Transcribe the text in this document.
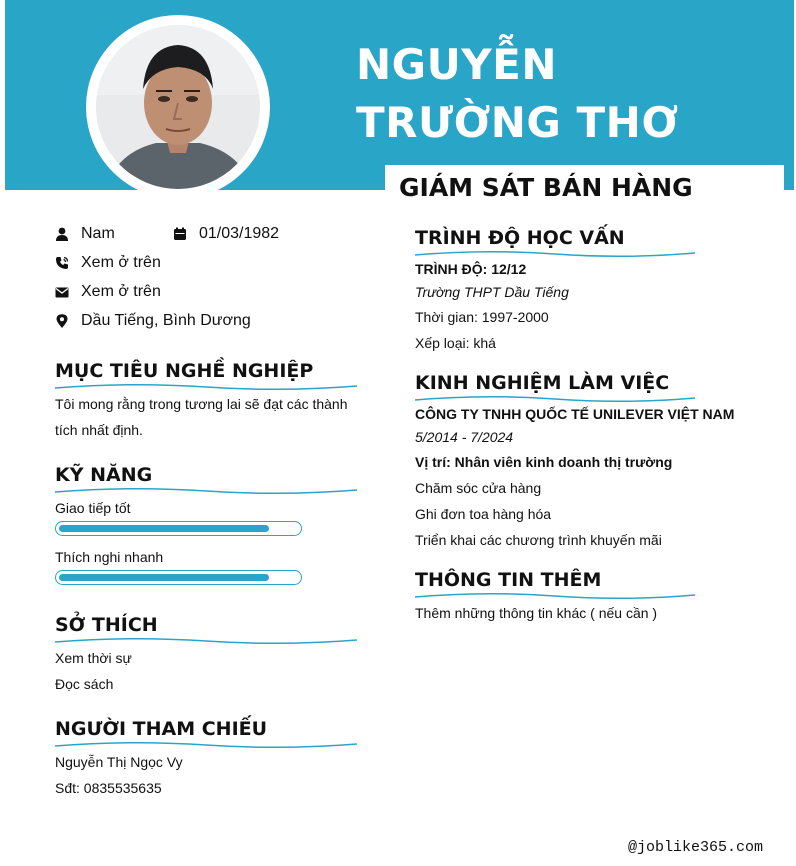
NGUYỄN TRƯỜNG THƠ
GIÁM SÁT BÁN HÀNG
Nam	01/03/1982
Xem ở trên
Xem ở trên
Dầu Tiếng, Bình Dương
MỤC TIÊU NGHỀ NGHIỆP
Tôi mong rằng trong tương lai sẽ đạt các thành
tích nhất định.
KỸ NĂNG
Giao tiếp tốt
Thích nghi nhanh
SỞ THÍCH
Xem thời sự
Đọc sách
NGƯỜI THAM CHIẾU
Nguyễn Thị Ngọc Vy
Sđt: 0835535635
TRÌNH ĐỘ HỌC VẤN
TRÌNH ĐỘ: 12/12
Trường THPT Dầu Tiếng
Thời gian: 1997-2000
Xếp loại: khá
KINH NGHIỆM LÀM VIỆC
CÔNG TY TNHH QUỐC TẾ UNILEVER VIỆT NAM
5/2014 - 7/2024
Vị trí: Nhân viên kinh doanh thị trường
Chăm sóc cửa hàng
Ghi đơn toa hàng hóa
Triển khai các chương trình khuyến mãi
THÔNG TIN THÊM
Thêm những thông tin khác ( nếu cần )
@joblike365.com
